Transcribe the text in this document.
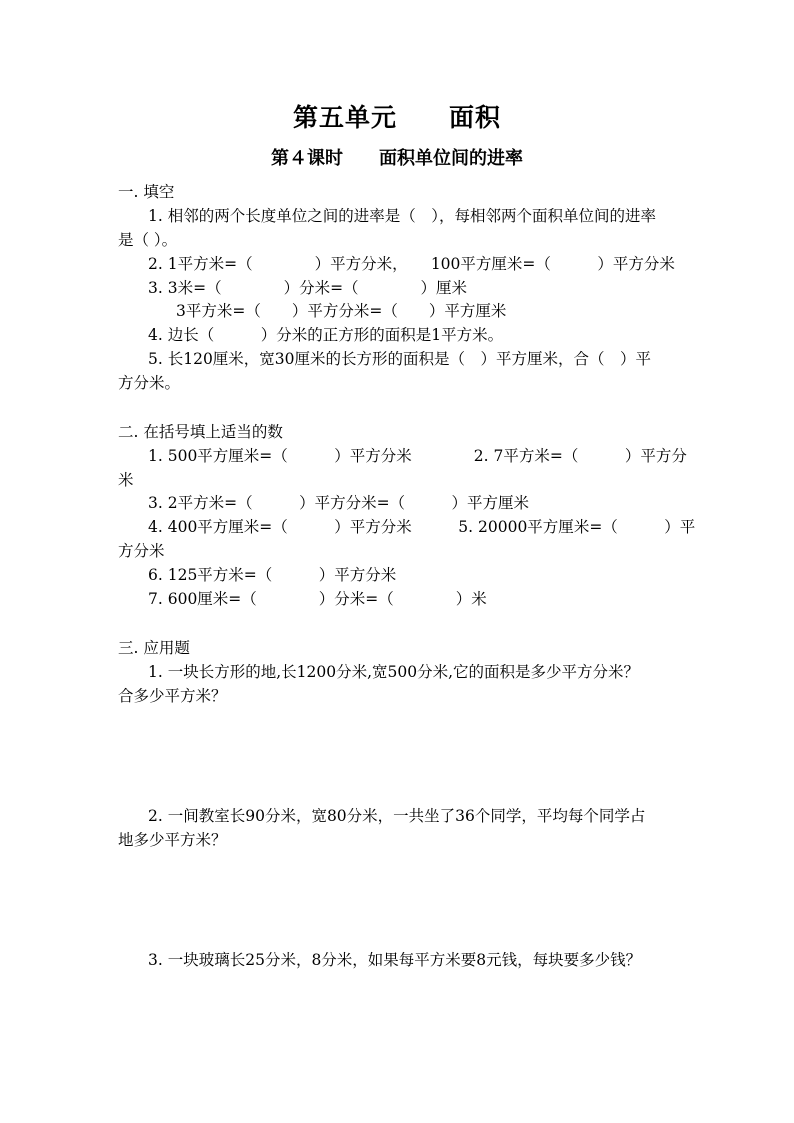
第五单元　　面积
第４课时　　面积单位间的进率
一. 填空
1. 相邻的两个长度单位之间的进率是（　），每相邻两个面积单位间的进率
是（ ）。
2. 1平方米=（　　　　）平方分米，　　100平方厘米=（　　　）平方分米
3. 3米=（　　　　）分米=（　　　　）厘米
3平方米=（　　）平方分米=（　　）平方厘米
4. 边长（　　　）分米的正方形的面积是1平方米。
5. 长120厘米，宽30厘米的长方形的面积是（　）平方厘米，合（　）平
方分米。
二. 在括号填上适当的数
1. 500平方厘米=（　　　）平方分米　　　　2. 7平方米=（　　　）平方分
米
3. 2平方米=（　　　）平方分米=（　　　）平方厘米
4. 400平方厘米=（　　　）平方分米　　　5. 20000平方厘米=（　　　）平
方分米
6. 125平方米=（　　　）平方分米
7. 600厘米=（　　　　）分米=（　　　　）米
三. 应用题
1. 一块长方形的地,长1200分米,宽500分米,它的面积是多少平方分米？
合多少平方米？
2. 一间教室长90分米，宽80分米，一共坐了36个同学，平均每个同学占
地多少平方米？
3. 一块玻璃长25分米，8分米，如果每平方米要8元钱，每块要多少钱？
